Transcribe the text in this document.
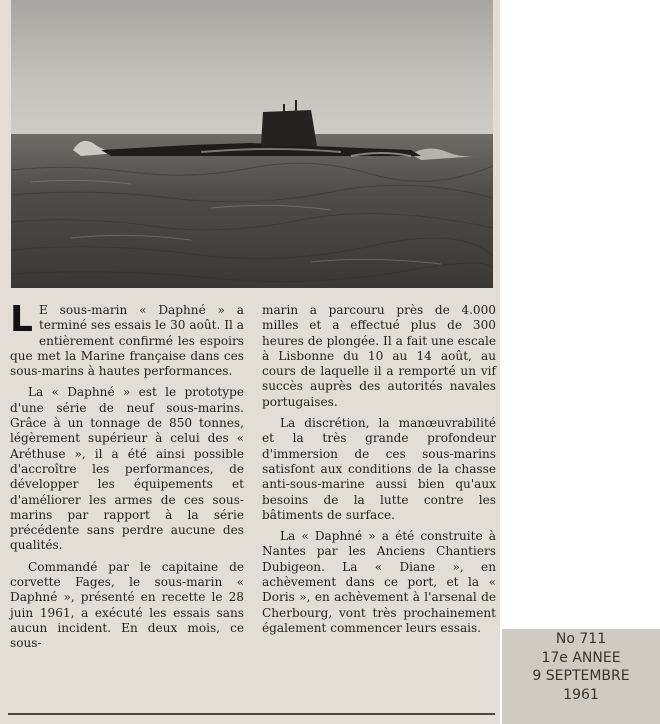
L E sous-marin « Daphné » a terminé ses essais le 30 août. Il a entièrement confirmé les espoirs que met la Marine française dans ces sous-marins à hautes performances.

La « Daphné » est le prototype d'une série de neuf sous-marins. Grâce à un tonnage de 850 tonnes, légèrement supérieur à celui des « Aréthuse », il a été ainsi possible d'accroître les performances, de développer les équipements et d'améliorer les armes de ces sous-marins par rapport à la série précédente sans perdre aucune des qualités.

Commandé par le capitaine de corvette Fages, le sous-marin « Daphné », présenté en recette le 28 juin 1961, a exécuté les essais sans aucun incident. En deux mois, ce sous-

marin a parcouru près de 4.000 milles et a effectué plus de 300 heures de plongée. Il a fait une escale à Lisbonne du 10 au 14 août, au cours de laquelle il a remporté un vif succès auprès des autorités navales portugaises.

La discrétion, la manœuvrabilité et la très grande profondeur d'immersion de ces sous-marins satisfont aux conditions de la chasse anti-sous-marine aussi bien qu'aux besoins de la lutte contre les bâtiments de surface.

La « Daphné » a été construite à Nantes par les Anciens Chantiers Dubigeon. La « Diane », en achèvement dans ce port, et la « Doris », en achèvement à l'arsenal de Cherbourg, vont très prochainement également commencer leurs essais.

No 711
17e ANNEE
9 SEPTEMBRE
1961
